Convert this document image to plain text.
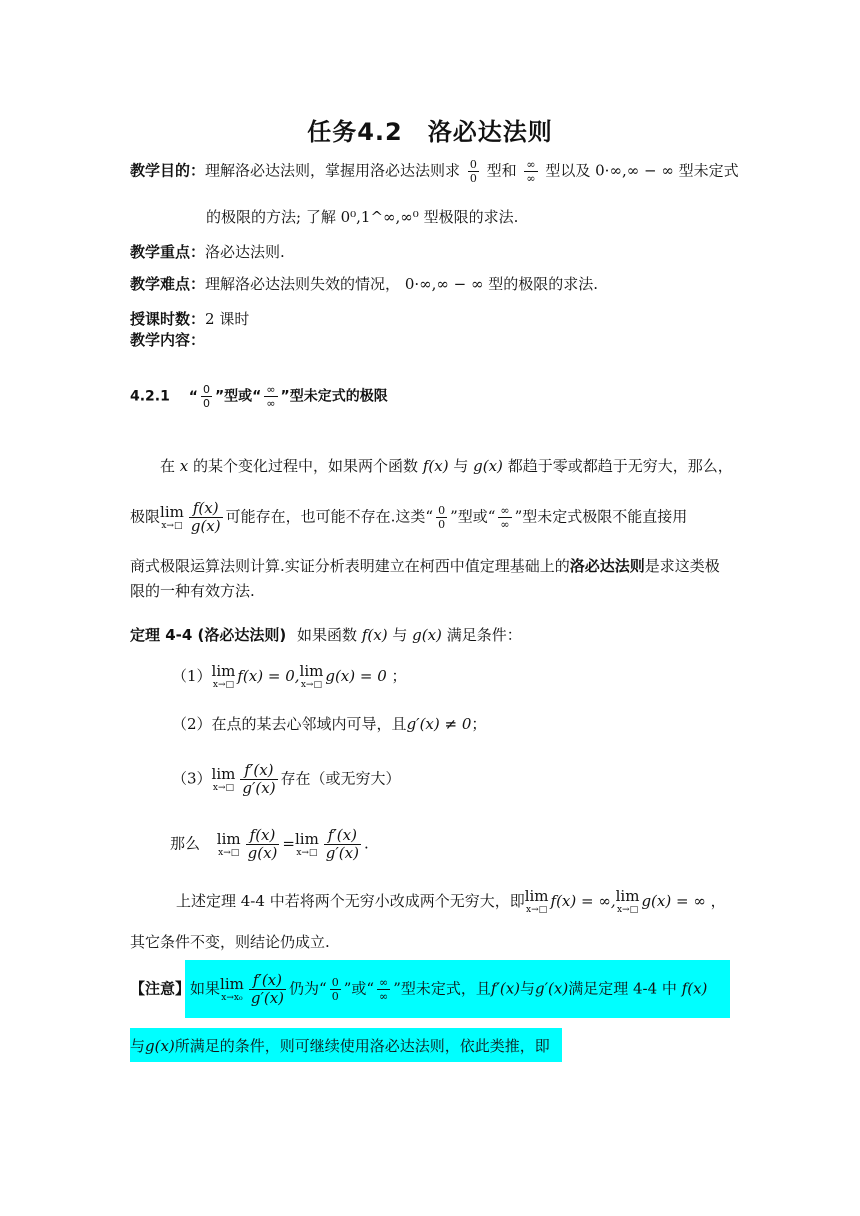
任务4.2　洛必达法则
教学目的：理解洛必达法则，掌握用洛必达法则求 $\frac{0}{0}$ 型和 $\frac{\infty}{\infty}$ 型以及 0·∞,∞ − ∞ 型未定式
的极限的方法; 了解 0⁰,1^∞,∞⁰ 型极限的求法.
教学重点：洛必达法则.
教学难点：理解洛必达法则失效的情况， 0·∞,∞ − ∞ 型的极限的求法.
授课时数：2 课时
教学内容：
4.2.1 “ $\frac{0}{0}$ ”型或“ $\frac{\infty}{\infty}$ ”型未定式的极限
在 x 的某个变化过程中，如果两个函数 f(x) 与 g(x) 都趋于零或都趋于无穷大，那么，
极限 lim
x→□ $\frac{f(x)}{g(x)}$ 可能存在，也可能不存在.这类“ $\frac{0}{0}$ ”型或“ $\frac{\infty}{\infty}$ ”型未定式极限不能直接用
商式极限运算法则计算.实证分析表明建立在柯西中值定理基础上的洛必达法则是求这类极
限的一种有效方法.
定理 4-4 (洛必达法则) 如果函数 f(x) 与 g(x) 满足条件：
（1） lim
x→□ f(x) = 0, lim
x→□ g(x) = 0 ；
（2）在点的某去心邻域内可导，且g′(x) ≠ 0；
（3） lim
x→□ $\frac{f'(x)}{g'(x)}$ 存在（或无穷大）
那么 lim
x→□ $\frac{f(x)}{g(x)} = \lim$
x→□ $\frac{f'(x)}{g'(x)}$ .
上述定理 4-4 中若将两个无穷小改成两个无穷大，即 lim
x→□ f(x) = ∞, lim
x→□ g(x) = ∞ ，
其它条件不变，则结论仍成立.
【注意】如果 lim
$x\to x_0 \frac{f'(x)}{g'(x)}$ 仍为“ $\frac{0}{0}$ ”或“ $\frac{\infty}{\infty}$ ”型未定式，且f′(x)与g′(x)满足定理 4-4 中 f(x)
与g(x)所满足的条件，则可继续使用洛必达法则，依此类推，即
